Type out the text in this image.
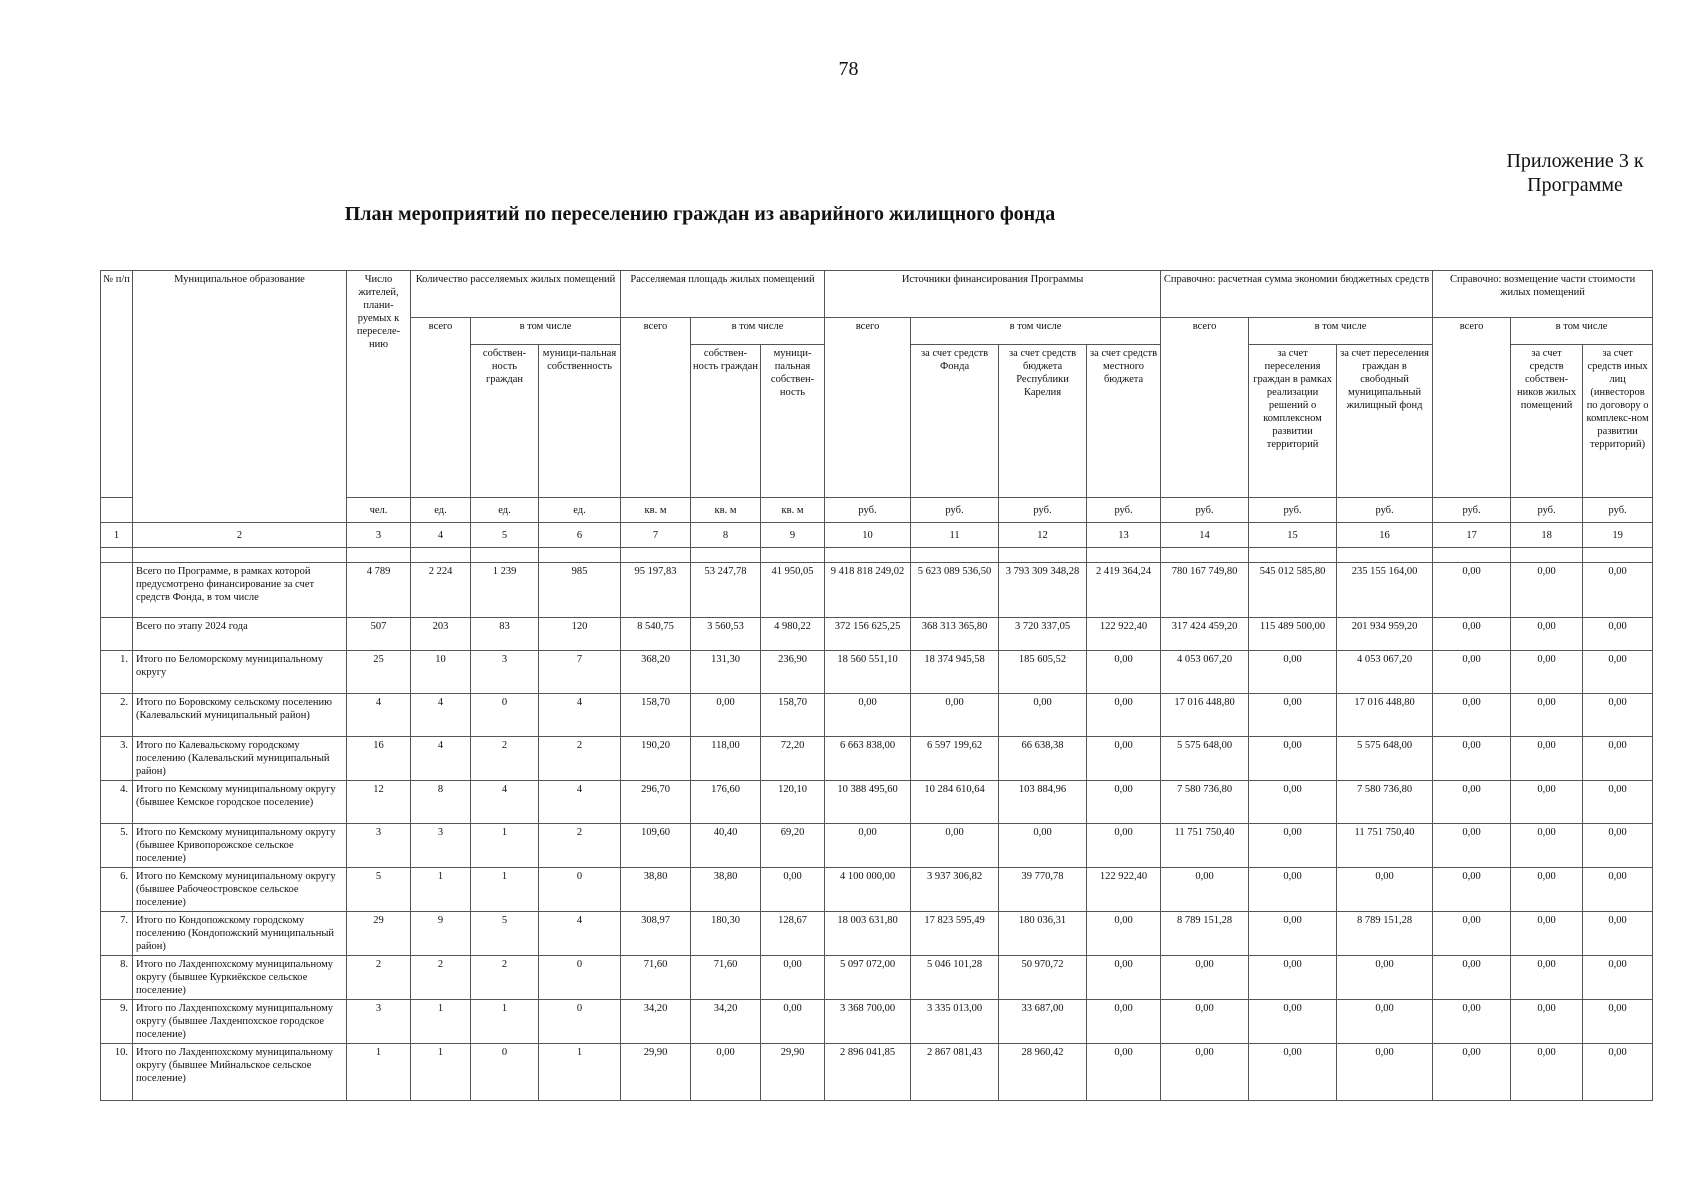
78
Приложение 3 к
Программе
План мероприятий по переселению граждан из аварийного жилищного фонда
№ п/п	Муниципальное образование	Число жителей, плани-руемых к переселе-нию	Количество расселяемых жилых помещений			Расселяемая площадь жилых помещений			Источники финансирования Программы				Справочно: расчетная сумма экономии бюджетных средств			Справочно: возмещение части стоимости жилых помещений		
			всего	в том числе		всего	в том числе		всего	в том числе			всего	в том числе		всего	в том числе	
				собствен-ность граждан	муници-пальная собственность		собствен-ность граждан	муници-пальная собствен-ность		за счет средств Фонда	за счет средств бюджета Республики Карелия	за счет средств местного бюджета		за счет переселения граждан в рамках реализации решений о комплексном развитии территорий	за счет переселения граждан в свободный муниципальный жилищный фонд		за счет средств собствен-ников жилых помещений	за счет средств иных лиц (инвесторов по договору о комплекс-ном развитии территорий)
		чел.	ед.	ед.	ед.	кв. м	кв. м	кв. м	руб.	руб.	руб.	руб.	руб.	руб.	руб.	руб.	руб.	руб.
1	2	3	4	5	6	7	8	9	10	11	12	13	14	15	16	17	18	19

	Всего по Программе, в рамках которой предусмотрено финансирование за счет средств Фонда, в том числе	4 789	2 224	1 239	985	95 197,83	53 247,78	41 950,05	9 418 818 249,02	5 623 089 536,50	3 793 309 348,28	2 419 364,24	780 167 749,80	545 012 585,80	235 155 164,00	0,00	0,00	0,00
	Всего по этапу 2024 года	507	203	83	120	8 540,75	3 560,53	4 980,22	372 156 625,25	368 313 365,80	3 720 337,05	122 922,40	317 424 459,20	115 489 500,00	201 934 959,20	0,00	0,00	0,00
1.	Итого по Беломорскому муниципальному округу	25	10	3	7	368,20	131,30	236,90	18 560 551,10	18 374 945,58	185 605,52	0,00	4 053 067,20	0,00	4 053 067,20	0,00	0,00	0,00
2.	Итого по Боровскому сельскому поселению (Калевальский муниципальный район)	4	4	0	4	158,70	0,00	158,70	0,00	0,00	0,00	0,00	17 016 448,80	0,00	17 016 448,80	0,00	0,00	0,00
3.	Итого по Калевальскому городскому поселению (Калевальский муниципальный район)	16	4	2	2	190,20	118,00	72,20	6 663 838,00	6 597 199,62	66 638,38	0,00	5 575 648,00	0,00	5 575 648,00	0,00	0,00	0,00
4.	Итого по Кемскому муниципальному округу (бывшее Кемское городское поселение)	12	8	4	4	296,70	176,60	120,10	10 388 495,60	10 284 610,64	103 884,96	0,00	7 580 736,80	0,00	7 580 736,80	0,00	0,00	0,00
5.	Итого по Кемскому муниципальному округу (бывшее Кривопорожское сельское поселение)	3	3	1	2	109,60	40,40	69,20	0,00	0,00	0,00	0,00	11 751 750,40	0,00	11 751 750,40	0,00	0,00	0,00
6.	Итого по Кемскому муниципальному округу (бывшее Рабочеостровское сельское поселение)	5	1	1	0	38,80	38,80	0,00	4 100 000,00	3 937 306,82	39 770,78	122 922,40	0,00	0,00	0,00	0,00	0,00	0,00
7.	Итого по Кондопожскому городскому поселению (Кондопожский муниципальный район)	29	9	5	4	308,97	180,30	128,67	18 003 631,80	17 823 595,49	180 036,31	0,00	8 789 151,28	0,00	8 789 151,28	0,00	0,00	0,00
8.	Итого по Лахденпохскому муниципальному округу (бывшее Куркиёкское сельское поселение)	2	2	2	0	71,60	71,60	0,00	5 097 072,00	5 046 101,28	50 970,72	0,00	0,00	0,00	0,00	0,00	0,00	0,00
9.	Итого по Лахденпохскому муниципальному округу (бывшее Лахденпохское городское поселение)	3	1	1	0	34,20	34,20	0,00	3 368 700,00	3 335 013,00	33 687,00	0,00	0,00	0,00	0,00	0,00	0,00	0,00
10.	Итого по Лахденпохскому муниципальному округу (бывшее Мийнальское сельское поселение)	1	1	0	1	29,90	0,00	29,90	2 896 041,85	2 867 081,43	28 960,42	0,00	0,00	0,00	0,00	0,00	0,00	0,00
